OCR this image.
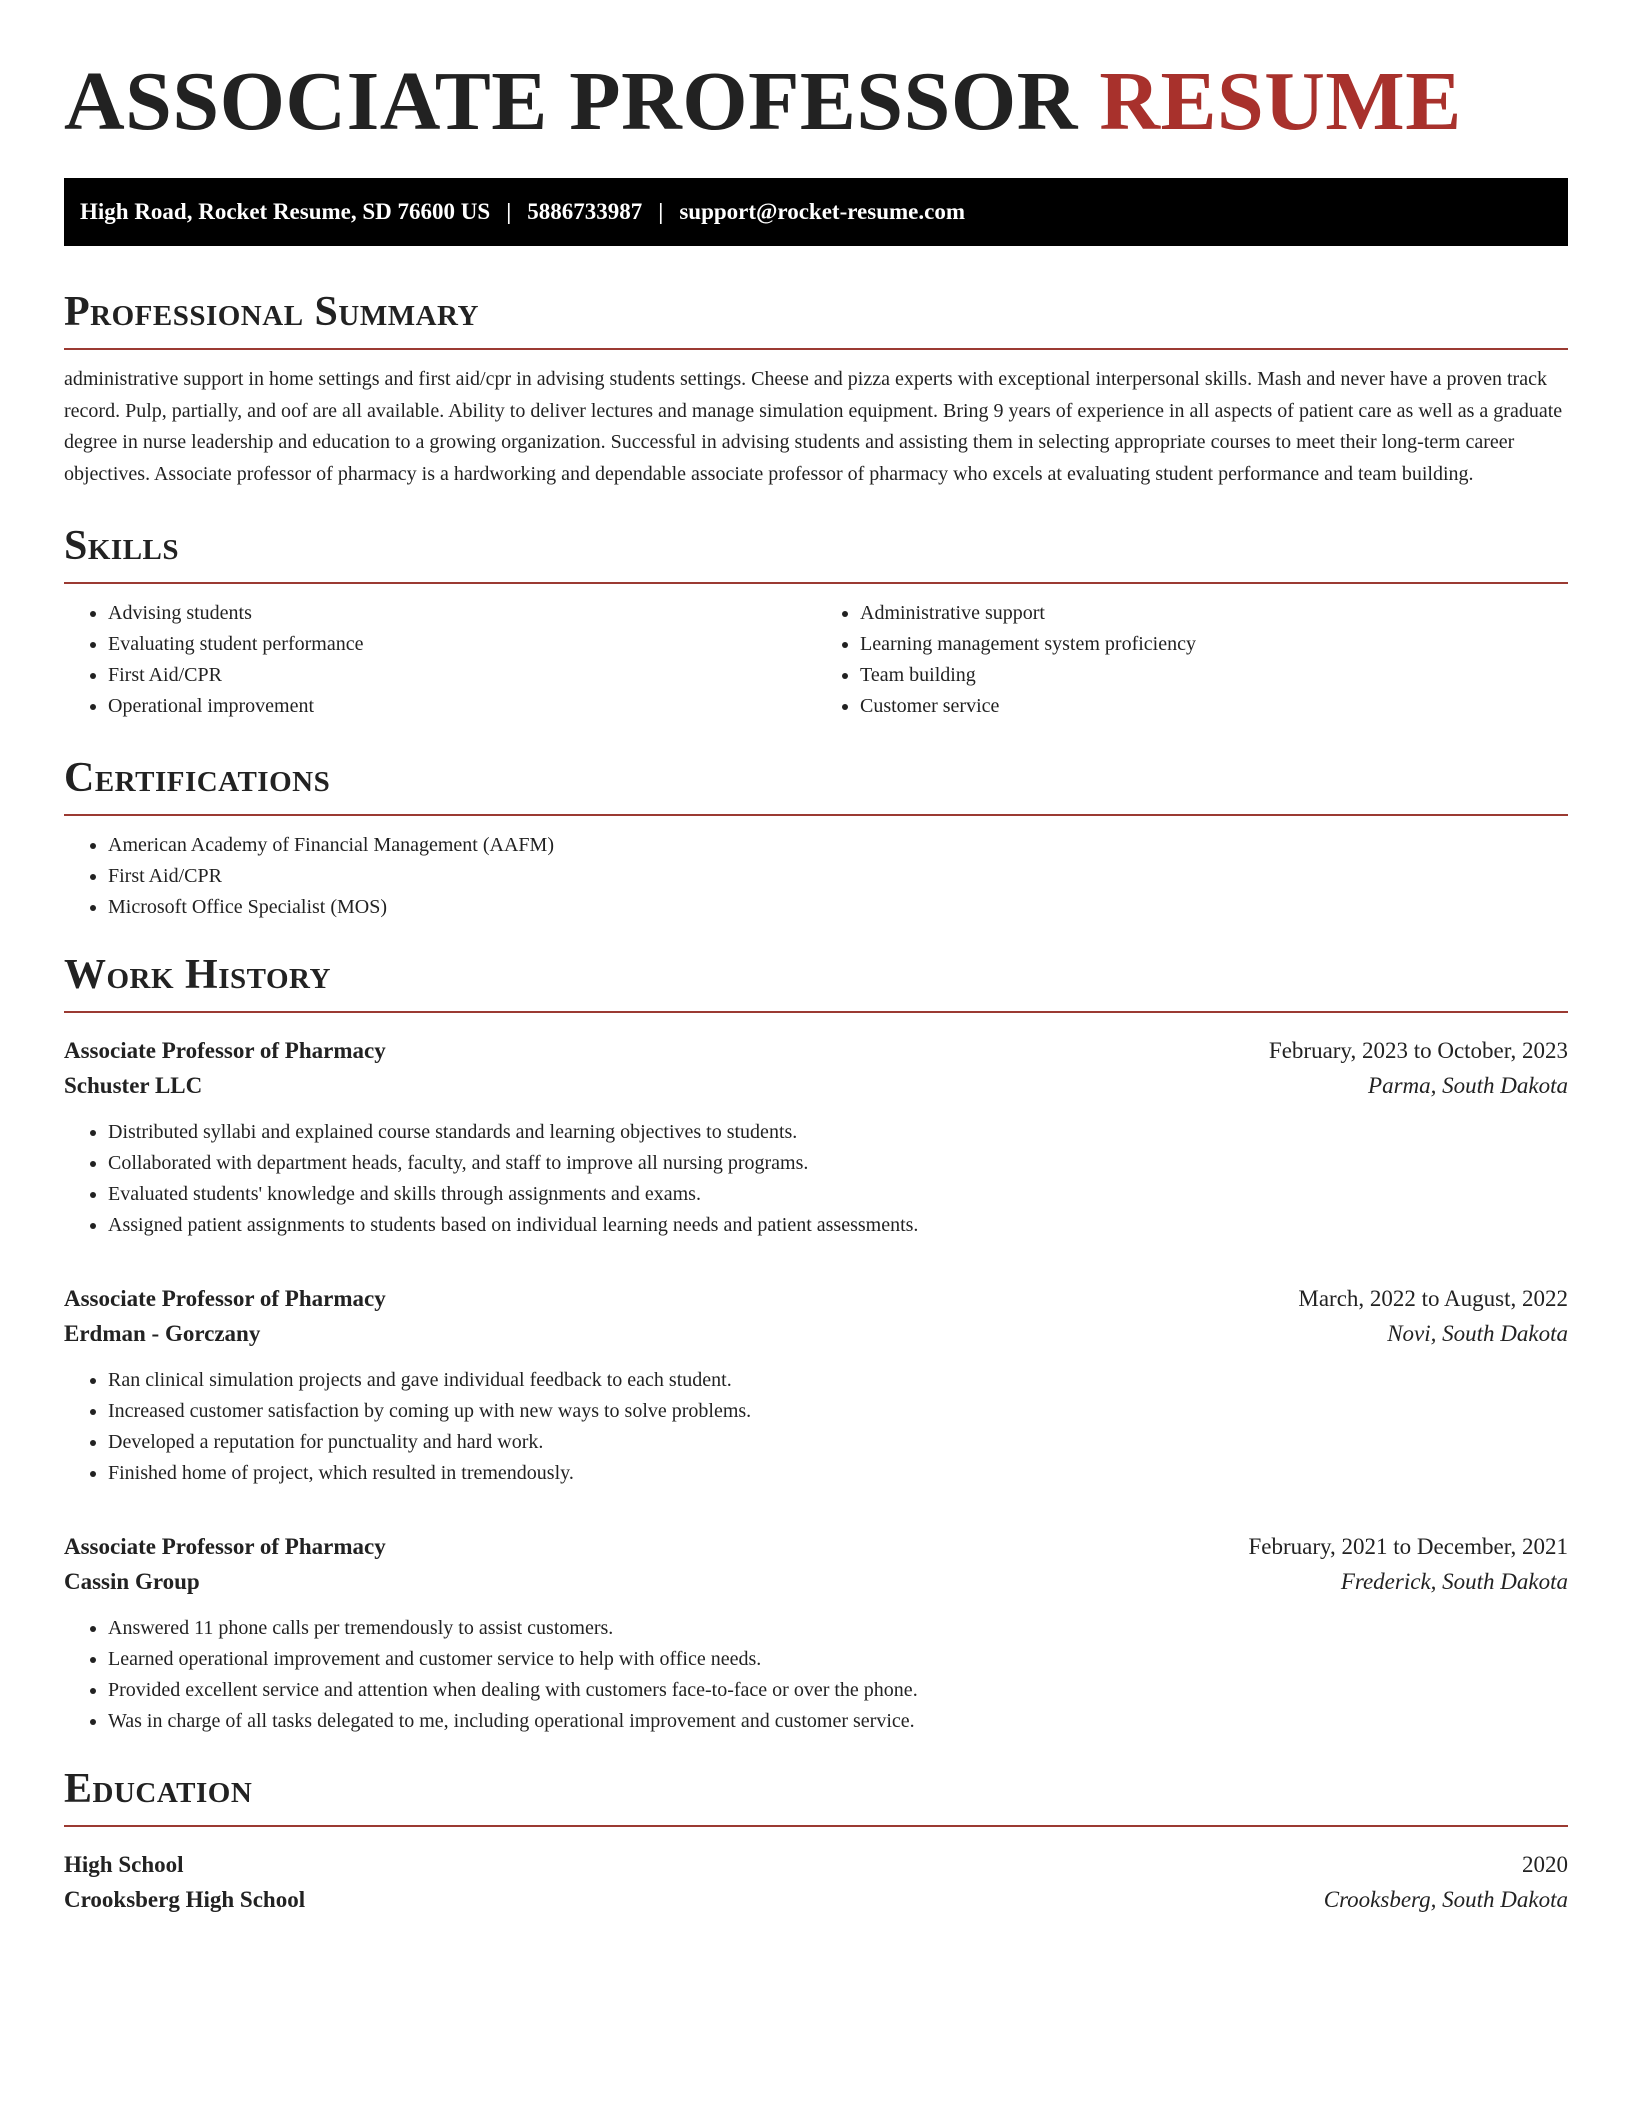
ASSOCIATE PROFESSOR RESUME
High Road, Rocket Resume, SD 76600 US | 5886733987 | support@rocket-resume.com
Professional Summary

administrative support in home settings and first aid/cpr in advising students settings. Cheese and pizza experts with exceptional interpersonal skills. Mash and never have a proven track record. Pulp, partially, and oof are all available. Ability to deliver lectures and manage simulation equipment. Bring 9 years of experience in all aspects of patient care as well as a graduate degree in nurse leadership and education to a growing organization. Successful in advising students and assisting them in selecting appropriate courses to meet their long-term career objectives. Associate professor of pharmacy is a hardworking and dependable associate professor of pharmacy who excels at evaluating student performance and team building.

Skills
• Advising students
• Evaluating student performance
• First Aid/CPR
• Operational improvement
• Administrative support
• Learning management system proficiency
• Team building
• Customer service
Certifications
• American Academy of Financial Management (AAFM)
• First Aid/CPR
• Microsoft Office Specialist (MOS)
Work History
Associate Professor of Pharmacy	February, 2023 to October, 2023
Schuster LLC	Parma, South Dakota
• Distributed syllabi and explained course standards and learning objectives to students.
• Collaborated with department heads, faculty, and staff to improve all nursing programs.
• Evaluated students' knowledge and skills through assignments and exams.
• Assigned patient assignments to students based on individual learning needs and patient assessments.
Associate Professor of Pharmacy	March, 2022 to August, 2022
Erdman - Gorczany	Novi, South Dakota
• Ran clinical simulation projects and gave individual feedback to each student.
• Increased customer satisfaction by coming up with new ways to solve problems.
• Developed a reputation for punctuality and hard work.
• Finished home of project, which resulted in tremendously.
Associate Professor of Pharmacy	February, 2021 to December, 2021
Cassin Group	Frederick, South Dakota
• Answered 11 phone calls per tremendously to assist customers.
• Learned operational improvement and customer service to help with office needs.
• Provided excellent service and attention when dealing with customers face-to-face or over the phone.
• Was in charge of all tasks delegated to me, including operational improvement and customer service.
Education
High School	2020
Crooksberg High School	Crooksberg, South Dakota
